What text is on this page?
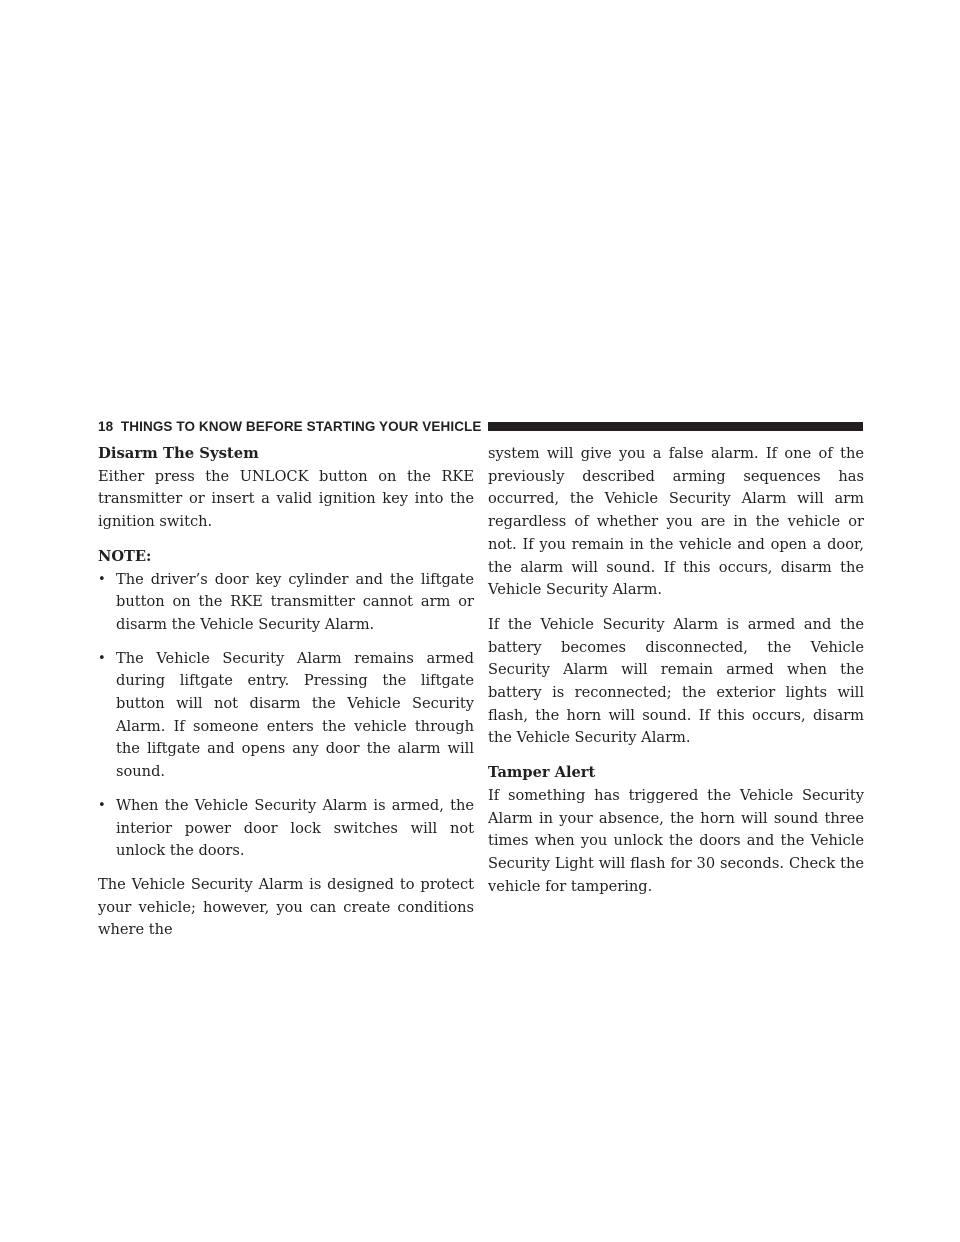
18 THINGS TO KNOW BEFORE STARTING YOUR VEHICLE

Disarm The System

Either press the UNLOCK button on the RKE transmitter or insert a valid ignition key into the ignition switch.

NOTE:

• The driver’s door key cylinder and the liftgate button on the RKE transmitter cannot arm or disarm the Vehicle Security Alarm.
• The Vehicle Security Alarm remains armed during liftgate entry. Pressing the liftgate button will not disarm the Vehicle Security Alarm. If someone enters the vehicle through the liftgate and opens any door the alarm will sound.
• When the Vehicle Security Alarm is armed, the interior power door lock switches will not unlock the doors.

The Vehicle Security Alarm is designed to protect your vehicle; however, you can create conditions where the

system will give you a false alarm. If one of the previously described arming sequences has occurred, the Vehicle Security Alarm will arm regardless of whether you are in the vehicle or not. If you remain in the vehicle and open a door, the alarm will sound. If this occurs, disarm the Vehicle Security Alarm.

If the Vehicle Security Alarm is armed and the battery becomes disconnected, the Vehicle Security Alarm will remain armed when the battery is reconnected; the exterior lights will flash, the horn will sound. If this occurs, disarm the Vehicle Security Alarm.

Tamper Alert

If something has triggered the Vehicle Security Alarm in your absence, the horn will sound three times when you unlock the doors and the Vehicle Security Light will flash for 30 seconds. Check the vehicle for tampering.
